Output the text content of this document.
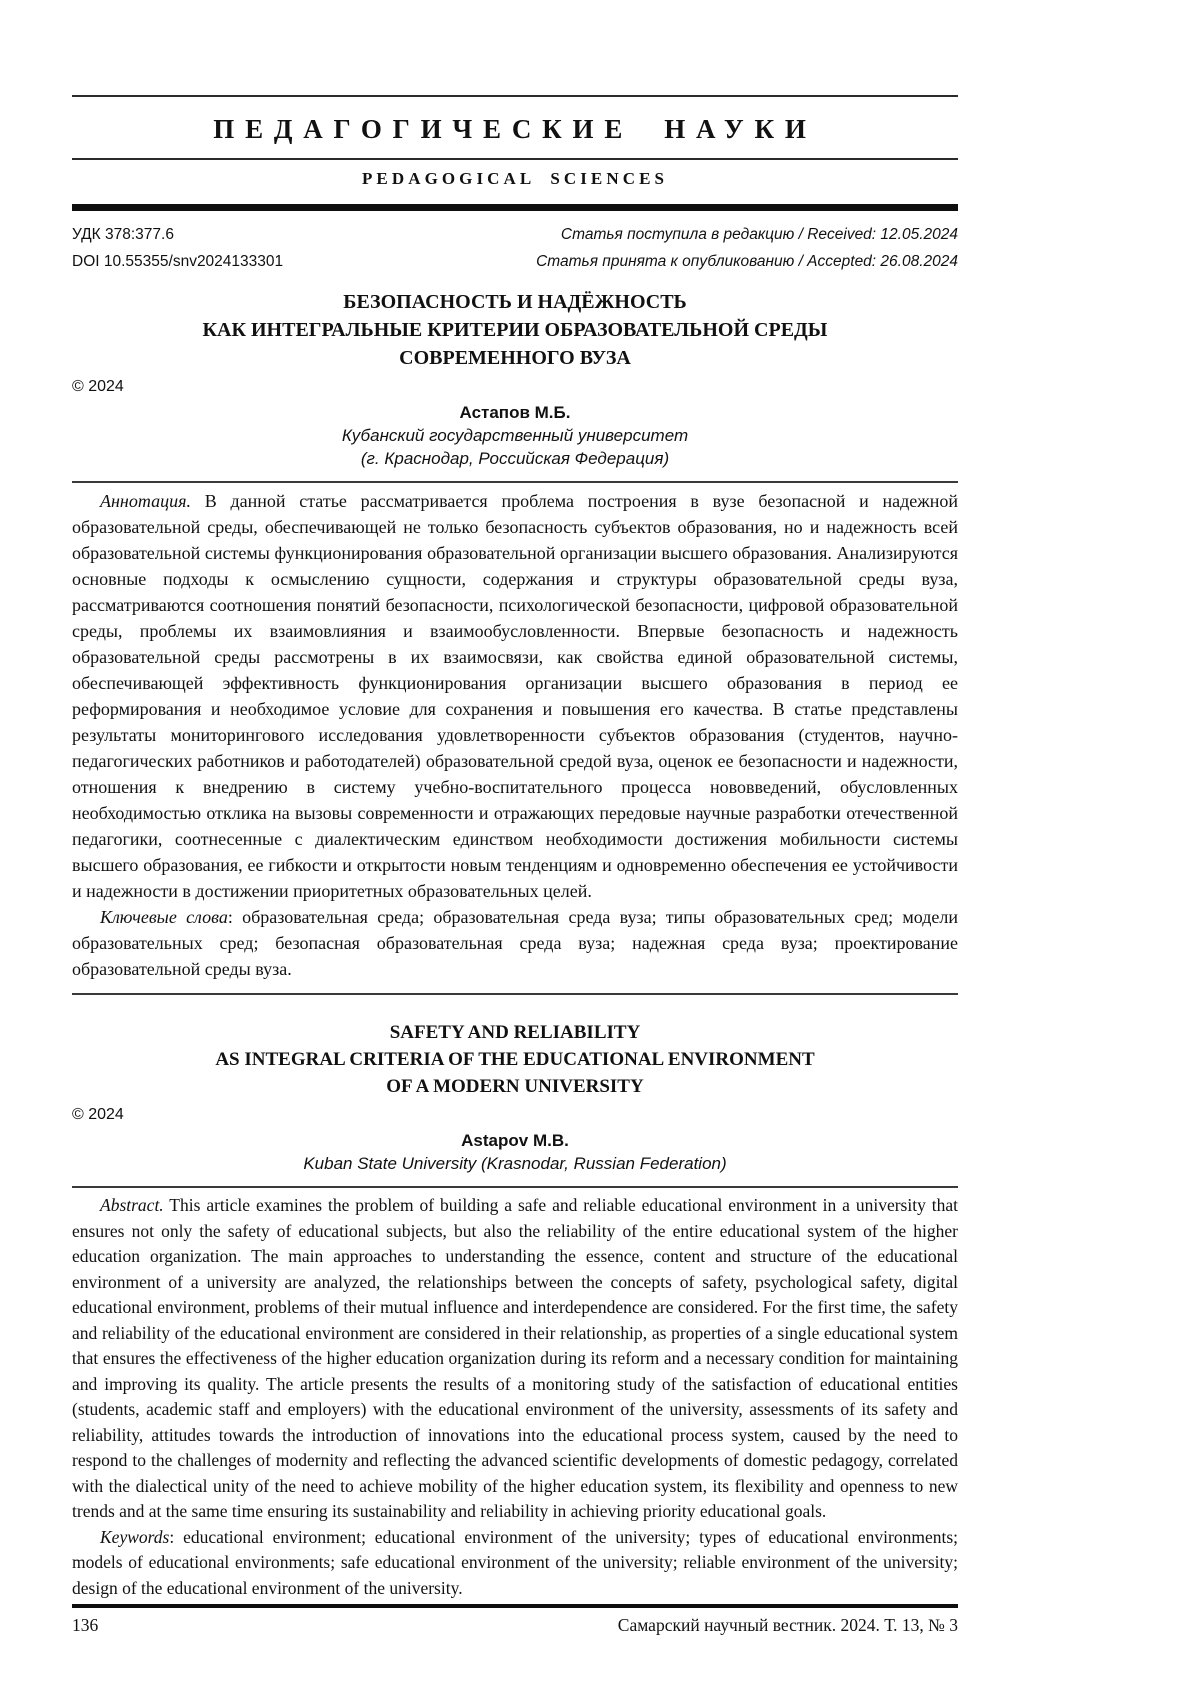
ПЕДАГОГИЧЕСКИЕ НАУКИ
PEDAGOGICAL SCIENCES
УДК 378:377.6	Статья поступила в редакцию / Received: 12.05.2024
DOI 10.55355/snv2024133301	Статья принята к опубликованию / Accepted: 26.08.2024
БЕЗОПАСНОСТЬ И НАДЁЖНОСТЬ
КАК ИНТЕГРАЛЬНЫЕ КРИТЕРИИ ОБРАЗОВАТЕЛЬНОЙ СРЕДЫ
СОВРЕМЕННОГО ВУЗА
© 2024
Астапов М.Б.
Кубанский государственный университет
(г. Краснодар, Российская Федерация)

Аннотация. В данной статье рассматривается проблема построения в вузе безопасной и надежной образовательной среды, обеспечивающей не только безопасность субъектов образования, но и надежность всей образовательной системы функционирования образовательной организации высшего образования. Анализируются основные подходы к осмыслению сущности, содержания и структуры образовательной среды вуза, рассматриваются соотношения понятий безопасности, психологической безопасности, цифровой образовательной среды, проблемы их взаимовлияния и взаимообусловленности. Впервые безопасность и надежность образовательной среды рассмотрены в их взаимосвязи, как свойства единой образовательной системы, обеспечивающей эффективность функционирования организации высшего образования в период ее реформирования и необходимое условие для сохранения и повышения его качества. В статье представлены результаты мониторингового исследования удовлетворенности субъектов образования (студентов, научно-педагогических работников и работодателей) образовательной средой вуза, оценок ее безопасности и надежности, отношения к внедрению в систему учебно-воспитательного процесса нововведений, обусловленных необходимостью отклика на вызовы современности и отражающих передовые научные разработки отечественной педагогики, соотнесенные с диалектическим единством необходимости достижения мобильности системы высшего образования, ее гибкости и открытости новым тенденциям и одновременно обеспечения ее устойчивости и надежности в достижении приоритетных образовательных целей.

Ключевые слова: образовательная среда; образовательная среда вуза; типы образовательных сред; модели образовательных сред; безопасная образовательная среда вуза; надежная среда вуза; проектирование образовательной среды вуза.

SAFETY AND RELIABILITY
AS INTEGRAL CRITERIA OF THE EDUCATIONAL ENVIRONMENT
OF A MODERN UNIVERSITY
© 2024
Astapov M.B.
Kuban State University (Krasnodar, Russian Federation)

Abstract. This article examines the problem of building a safe and reliable educational environment in a university that ensures not only the safety of educational subjects, but also the reliability of the entire educational system of the higher education organization. The main approaches to understanding the essence, content and structure of the educational environment of a university are analyzed, the relationships between the concepts of safety, psychological safety, digital educational environment, problems of their mutual influence and interdependence are considered. For the first time, the safety and reliability of the educational environment are considered in their relationship, as properties of a single educational system that ensures the effectiveness of the higher education organization during its reform and a necessary condition for maintaining and improving its quality. The article presents the results of a monitoring study of the satisfaction of educational entities (students, academic staff and employers) with the educational environment of the university, assessments of its safety and reliability, attitudes towards the introduction of innovations into the educational process system, caused by the need to respond to the challenges of modernity and reflecting the advanced scientific developments of domestic pedagogy, correlated with the dialectical unity of the need to achieve mobility of the higher education system, its flexibility and openness to new trends and at the same time ensuring its sustainability and reliability in achieving priority educational goals.

Keywords: educational environment; educational environment of the university; types of educational environments; models of educational environments; safe educational environment of the university; reliable environment of the university; design of the educational environment of the university.

136	Самарский научный вестник. 2024. Т. 13, № 3
